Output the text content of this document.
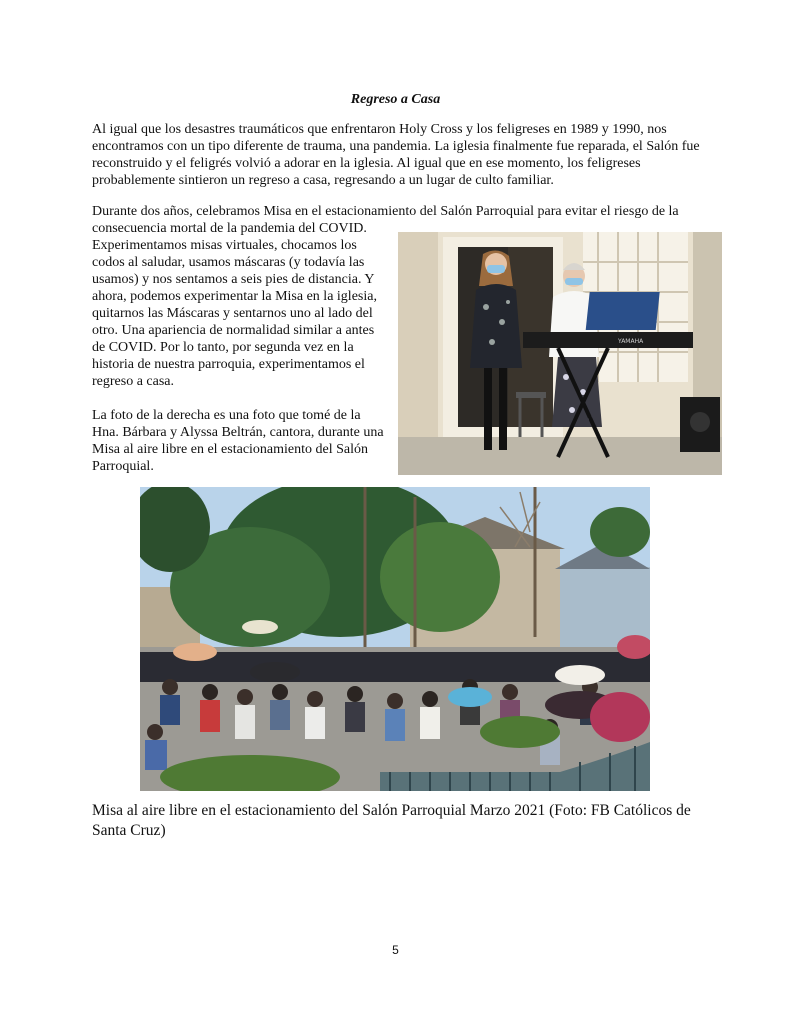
Regreso a Casa

Al igual que los desastres traumáticos que enfrentaron Holy Cross y los feligreses en 1989 y 1990, nos encontramos con un tipo diferente de trauma, una pandemia. La iglesia finalmente fue reparada, el Salón fue reconstruido y el feligrés volvió a adorar en la iglesia. Al igual que en ese momento, los feligreses probablemente sintieron un regreso a casa, regresando a un lugar de culto familiar.

Durante dos años, celebramos Misa en el estacionamiento del Salón Parroquial para evitar el riesgo de la

consecuencia mortal de la pandemia del COVID. Experimentamos misas virtuales, chocamos los codos al saludar, usamos máscaras (y todavía las usamos) y nos sentamos a seis pies de distancia. Y ahora, podemos experimentar la Misa en la iglesia, quitarnos las Máscaras y sentarnos uno al lado del otro. Una apariencia de normalidad similar a antes de COVID. Por lo tanto, por segunda vez en la historia de nuestra parroquia, experimentamos el regreso a casa.

La foto de la derecha es una foto que tomé de la Hna. Bárbara y Alyssa Beltrán, cantora, durante una Misa al aire libre en el estacionamiento del Salón Parroquial.

YAMAHA
Misa al aire libre en el estacionamiento del Salón Parroquial Marzo 2021 (Foto: FB Católicos de Santa Cruz)
5
